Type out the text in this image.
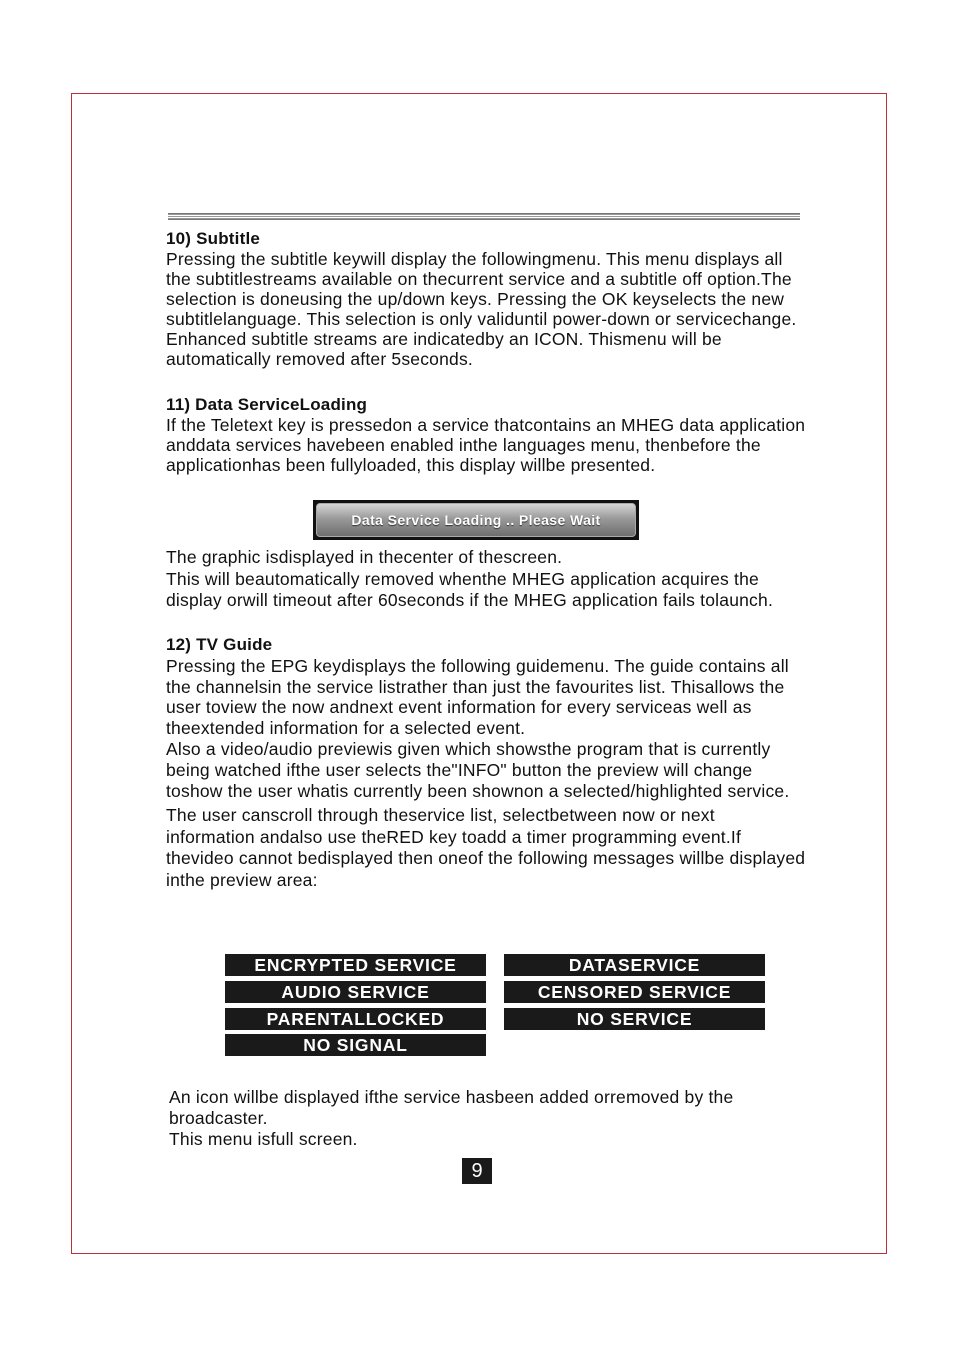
10) Subtitle

Pressing the subtitle keywill display the followingmenu. This menu displays all the subtitlestreams available on thecurrent service and a subtitle off option.The selection is doneusing the up/down keys. Pressing the OK keyselects the new subtitlelanguage. This selection is only validuntil power-down or servicechange. Enhanced subtitle streams are indicatedby an ICON. Thismenu will be automatically removed after 5seconds.

11) Data ServiceLoading

If the Teletext key is pressedon a service thatcontains an MHEG data application anddata services havebeen enabled inthe languages menu, thenbefore the applicationhas been fullyloaded, this display willbe presented.

Data Service Loading .. Please Wait

The graphic isdisplayed in thecenter of thescreen.

This will beautomatically removed whenthe MHEG application acquires the display orwill timeout after 60seconds if the MHEG application fails tolaunch.

12) TV Guide

Pressing the EPG keydisplays the following guidemenu. The guide contains all the channelsin the service listrather than just the favourites list. Thisallows the user toview the now andnext event information for every serviceas well as theextended information for a selected event.

Also a video/audio previewis given which showsthe program that is currently being watched ifthe user selects the"INFO" button the preview will change toshow the user whatis currently been shownon a selected/highlighted service.

The user canscroll through theservice list, selectbetween now or next information andalso use theRED key toadd a timer programming event.If thevideo cannot bedisplayed then oneof the following messages willbe displayed inthe preview area:

ENCRYPTED SERVICE	DATASERVICE
AUDIO SERVICE	CENSORED SERVICE
PARENTALLOCKED	NO SERVICE
NO SIGNAL

An icon willbe displayed ifthe service hasbeen added orremoved by the broadcaster.

This menu isfull screen.

9
